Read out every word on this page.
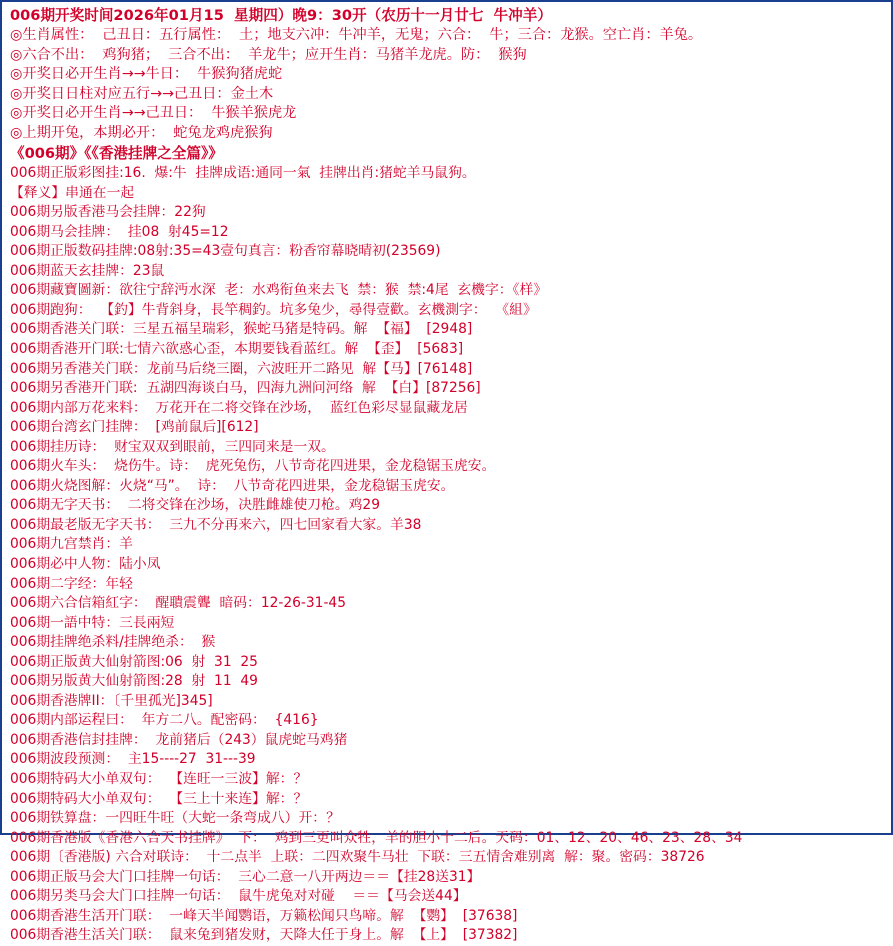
006期开奖时间2026年01月15  星期四）晚9：30开（农历十一月廿七  牛冲羊）
◎生肖属性：  己丑日：五行属性：  土；地支六冲：牛冲羊，无鬼；六合：  牛；三合：龙猴。空亡肖：羊兔。
◎六合不出：  鸡狗猪；  三合不出：  羊龙牛；应开生肖：马猪羊龙虎。防：  猴狗
◎开奖日必开生肖→→牛日：  牛猴狗猪虎蛇
◎开奖日日柱对应五行→→己丑日：金土木
◎开奖日必开生肖→→己丑日：  牛猴羊猴虎龙
◎上期开兔，本期必开：  蛇兔龙鸡虎猴狗
《006期》《《香港挂牌之全篇》》
006期正版彩图挂:16.  爆:牛  挂牌成语:通同一氣  挂牌出肖:猪蛇羊马鼠狗。
【释义】串通在一起
006期另版香港马会挂牌：22狗
006期马会挂牌：  挂08  射45=12
006期正版数码挂牌:08射:35=43壹句真言：粉香帘幕晓晴初(23569)
006期蓝天玄挂牌：23鼠
006期藏寶圖新：欲往宁辞沔水深  老：水鸡衔鱼来去飞  禁：猴  禁:4尾  玄機字：《样》
006期跑狗：  【釣】牛背斜身，長竿稠釣。坑多兔少，尋得壹歡。玄機測字：  《組》
006期香港关门联：三星五福呈瑞彩，猴蛇马猪是特码。解  【福】  [2948]
006期香港开门联:七情六欲惑心歪，本期要钱看蓝红。解  【歪】  [5683]
006期另香港关门联：龙前马后绕三圈，六波旺开二路见  解【马】[76148]
006期另香港开门联:  五湖四海谈白马，四海九洲问河络  解  【白】[87256]
006期内部万花来料：  万花开在二将交锋在沙场，  蓝红色彩尽显鼠藏龙居
006期台湾玄门挂牌：  [鸡前鼠后][612]
006期挂历诗：  财宝双双到眼前，三四同来是一双。
006期火车头：  烧伤牛。诗：  虎死兔伤，八节奇花四进果，金龙稳锯玉虎安。
006期火烧图解：火烧“马”。  诗：  八节奇花四进果，金龙稳锯玉虎安。
006期无字天书：  二将交锋在沙场，决胜雌雄使刀枪。鸡29
006期最老版无字天书：  三九不分再来六，四七回家看大家。羊38
006期九宫禁肖：羊
006期必中人物：陆小凤
006期二字经：年轻
006期六合信箱紅字：  醒聵震聾  暗码：12-26-31-45
006期一語中特：三長兩短
006期挂牌绝杀料/挂牌绝杀：  猴
006期正版黄大仙射箭图:06  射  31  25
006期另版黄大仙射箭图:28  射  11  49
006期香港牌II：〔千里孤光]345]
006期内部运程曰：  年方二八。配密码：  {416}
006期香港信封挂牌：  龙前猪后（243）鼠虎蛇马鸡猪
006期波段预测：  主15----27  31---39
006期特码大小单双句：  【连旺一三波】解：？
006期特码大小单双句：  【三上十来连】解：？
006期铁算盘：一四旺牛旺（大蛇一条弯成八）开：？
006期香港版《香港六合天书挂牌》  下：  鸡到三更叫众牲，羊的胆小十二后。天码：01、12、20、46、23、28、34
006期〔香港版) 六合对联诗：  十二点半  上联：二四欢聚牛马壮  下联：三五情舍难别离  解：聚。密码：38726
006期正版马会大门口挂牌一句话：  三心二意一八开两边＝＝【挂28送31】
006期另类马会大门口挂牌一句话：  鼠牛虎兔对对碰    ＝＝【马会送44】
006期香港生活开门联：  一峰天半闻鹦语，万籁松闻只鸟啼。解  【鹦】  [37638]
006期香港生活关门联：  鼠来兔到猪发财，天降大任于身上。解  【上】  [37382]
